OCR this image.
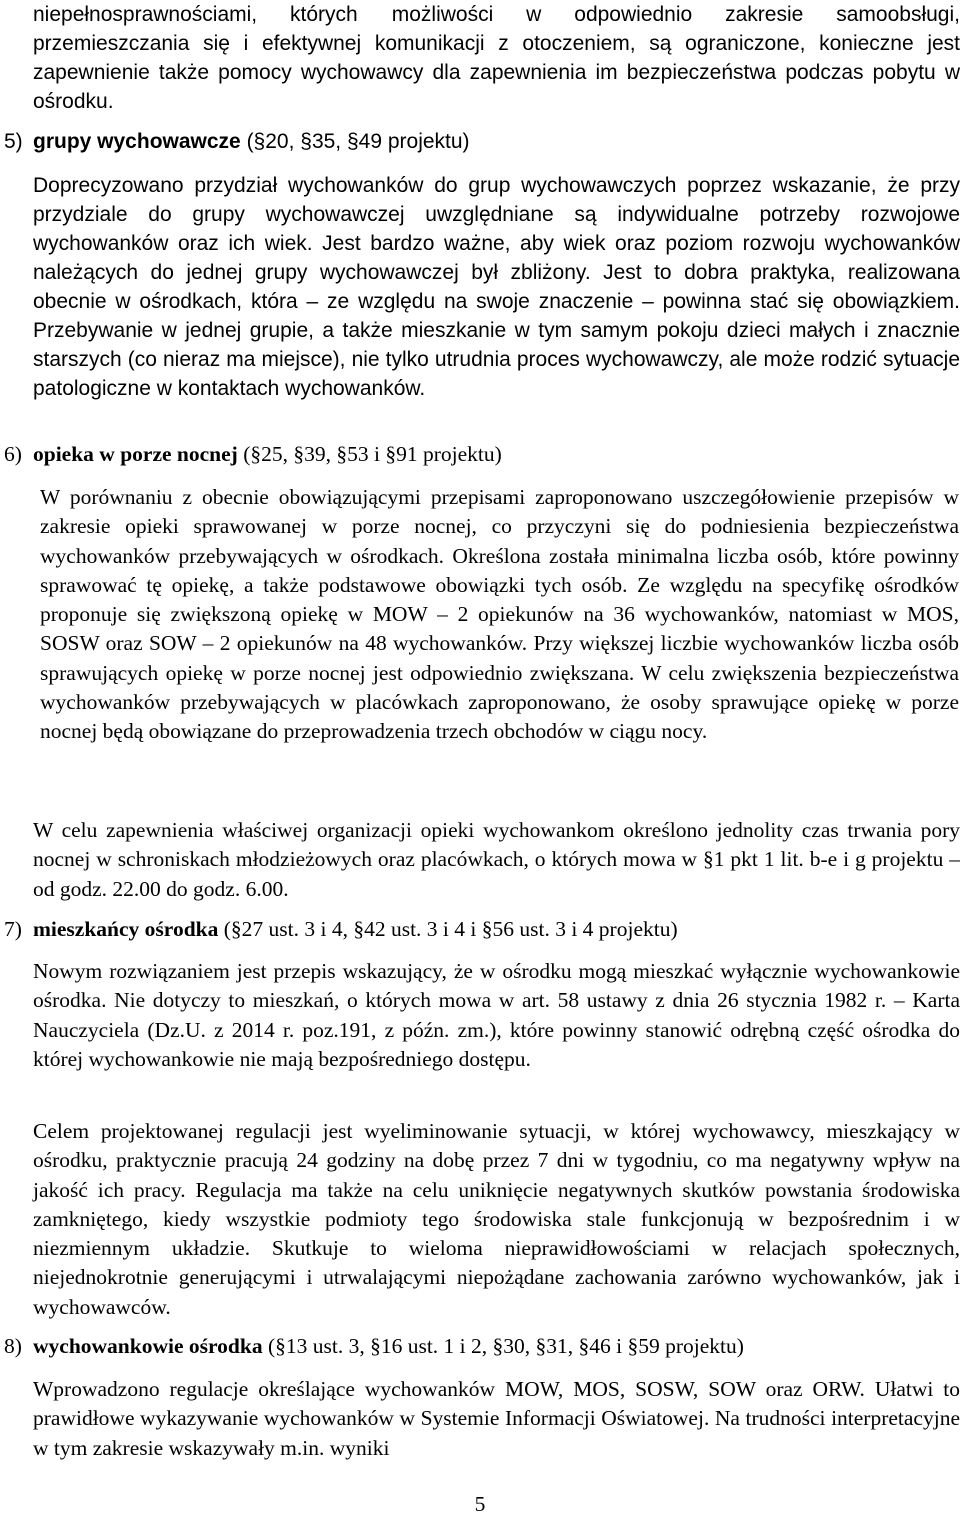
niepełnosprawnościami, których możliwości w odpowiednio zakresie samoobsługi, przemieszczania się i efektywnej komunikacji z otoczeniem, są ograniczone, konieczne jest zapewnienie także pomocy wychowawcy dla zapewnienia im bezpieczeństwa podczas pobytu w ośrodku.

5) grupy wychowawcze (§20, §35, §49 projektu)

Doprecyzowano przydział wychowanków do grup wychowawczych poprzez wskazanie, że przy przydziale do grupy wychowawczej uwzględniane są indywidualne potrzeby rozwojowe wychowanków oraz ich wiek. Jest bardzo ważne, aby wiek oraz poziom rozwoju wychowanków należących do jednej grupy wychowawczej był zbliżony. Jest to dobra praktyka, realizowana obecnie w ośrodkach, która – ze względu na swoje znaczenie – powinna stać się obowiązkiem. Przebywanie w jednej grupie, a także mieszkanie w tym samym pokoju dzieci małych i znacznie starszych (co nieraz ma miejsce), nie tylko utrudnia proces wychowawczy, ale może rodzić sytuacje patologiczne w kontaktach wychowanków.

6) opieka w porze nocnej (§25, §39, §53 i §91 projektu)

W porównaniu z obecnie obowiązującymi przepisami zaproponowano uszczegółowienie przepisów w zakresie opieki sprawowanej w porze nocnej, co przyczyni się do podniesienia bezpieczeństwa wychowanków przebywających w ośrodkach. Określona została minimalna liczba osób, które powinny sprawować tę opiekę, a także podstawowe obowiązki tych osób. Ze względu na specyfikę ośrodków proponuje się zwiększoną opiekę w MOW – 2 opiekunów na 36 wychowanków, natomiast w MOS, SOSW oraz SOW – 2 opiekunów na 48 wychowanków. Przy większej liczbie wychowanków liczba osób sprawujących opiekę w porze nocnej jest odpowiednio zwiększana. W celu zwiększenia bezpieczeństwa wychowanków przebywających w placówkach zaproponowano, że osoby sprawujące opiekę w porze nocnej będą obowiązane do przeprowadzenia trzech obchodów w ciągu nocy.

W celu zapewnienia właściwej organizacji opieki wychowankom określono jednolity czas trwania pory nocnej w schroniskach młodzieżowych oraz placówkach, o których mowa w §1 pkt 1 lit. b-e i g projektu – od godz. 22.00 do godz. 6.00.

7) mieszkańcy ośrodka (§27 ust. 3 i 4, §42 ust. 3 i 4 i §56 ust. 3 i 4 projektu)

Nowym rozwiązaniem jest przepis wskazujący, że w ośrodku mogą mieszkać wyłącznie wychowankowie ośrodka. Nie dotyczy to mieszkań, o których mowa w art. 58 ustawy z dnia 26 stycznia 1982 r. – Karta Nauczyciela (Dz.U. z 2014 r. poz.191, z późn. zm.), które powinny stanowić odrębną część ośrodka do której wychowankowie nie mają bezpośredniego dostępu.

Celem projektowanej regulacji jest wyeliminowanie sytuacji, w której wychowawcy, mieszkający w ośrodku, praktycznie pracują 24 godziny na dobę przez 7 dni w tygodniu, co ma negatywny wpływ na jakość ich pracy. Regulacja ma także na celu uniknięcie negatywnych skutków powstania środowiska zamkniętego, kiedy wszystkie podmioty tego środowiska stale funkcjonują w bezpośrednim i w niezmiennym układzie. Skutkuje to wieloma nieprawidłowościami w relacjach społecznych, niejednokrotnie generującymi i utrwalającymi niepożądane zachowania zarówno wychowanków, jak i wychowawców.

8) wychowankowie ośrodka (§13 ust. 3, §16 ust. 1 i 2, §30, §31, §46 i §59 projektu)

Wprowadzono regulacje określające wychowanków MOW, MOS, SOSW, SOW oraz ORW. Ułatwi to prawidłowe wykazywanie wychowanków w Systemie Informacji Oświatowej. Na trudności interpretacyjne w tym zakresie wskazywały m.in. wyniki

5
